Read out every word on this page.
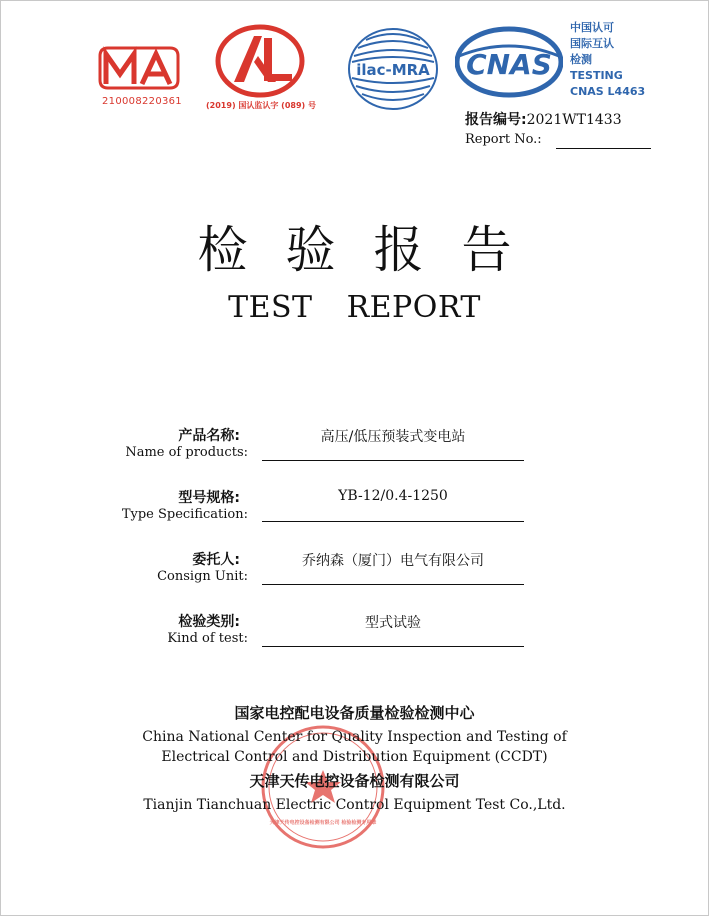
210008220361	(2019) 国认监认字 (089) 号
ilac-MRA CNAS
中国认可
国际互认
检测
TESTING
CNAS L4463
报告编号:2021WT1433
Report No.:
检验报告
TEST REPORT
产品名称:
Name of products:
高压/低压预装式变电站
型号规格:
Type Specification:
YB-12/0.4-1250
委托人:
Consign Unit:
乔纳森（厦门）电气有限公司
检验类别:
Kind of test:
型式试验
天津天传电控设备检测有限公司 检验检测专用章
国家电控配电设备质量检验检测中心
China National Center for Quality Inspection and Testing of
Electrical Control and Distribution Equipment (CCDT)
天津天传电控设备检测有限公司
Tianjin Tianchuan Electric Control Equipment Test Co.,Ltd.
